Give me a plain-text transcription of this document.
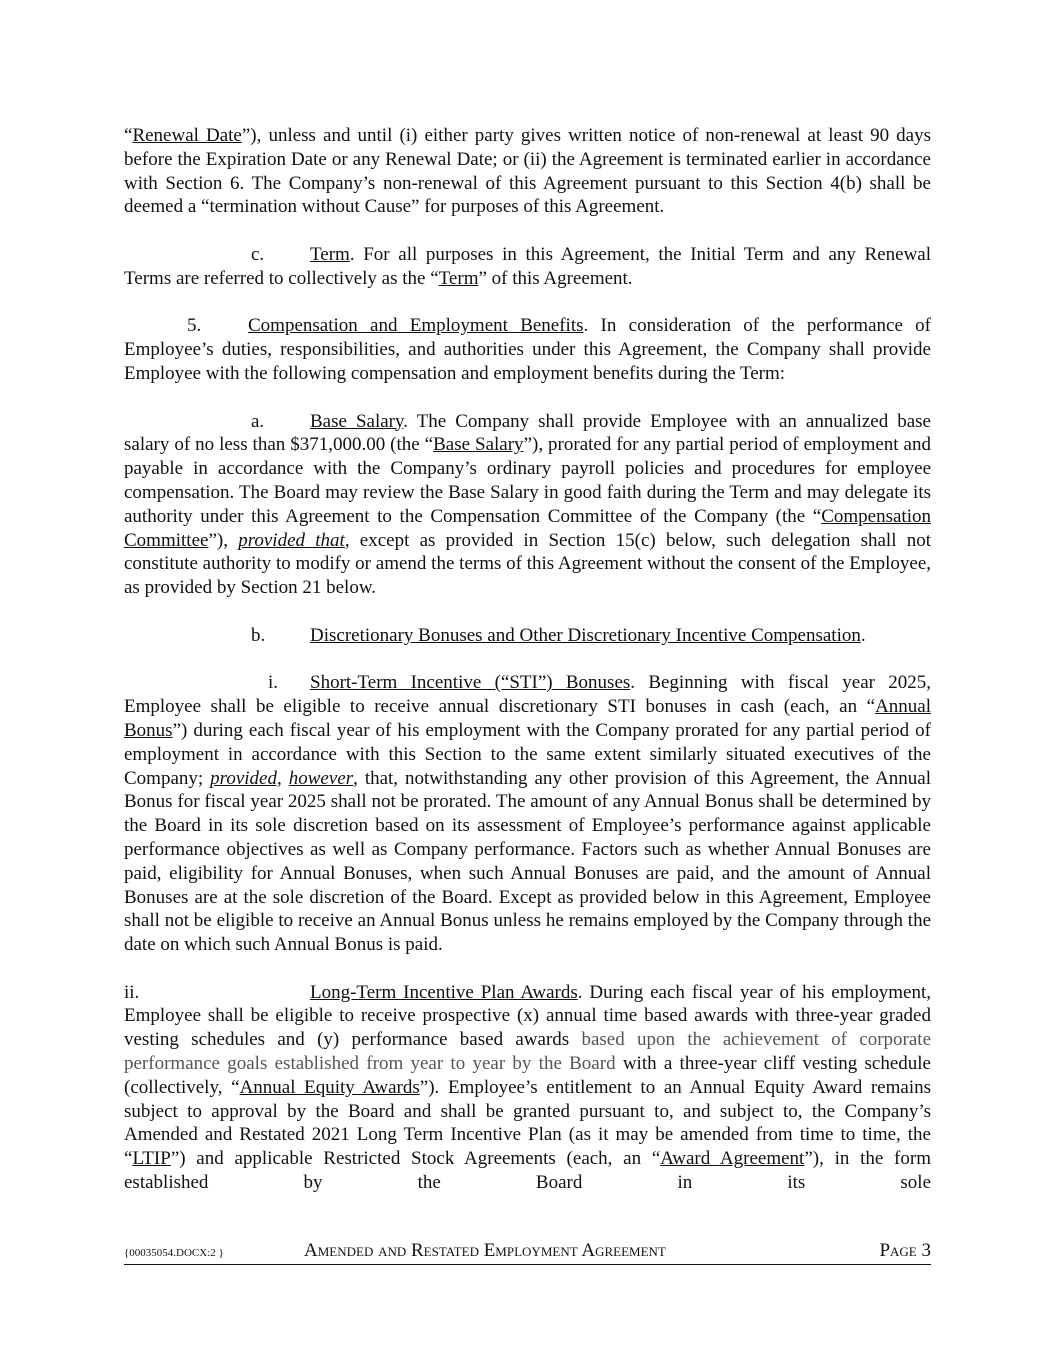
“Renewal Date”), unless and until (i) either party gives written notice of non-renewal at least 90 days before the Expiration Date or any Renewal Date; or (ii) the Agreement is terminated earlier in accordance with Section 6. The Company’s non-renewal of this Agreement pursuant to this Section 4(b) shall be deemed a “termination without Cause” for purposes of this Agreement.

c. Term. For all purposes in this Agreement, the Initial Term and any Renewal Terms are referred to collectively as the “Term” of this Agreement.

5. Compensation and Employment Benefits. In consideration of the performance of Employee’s duties, responsibilities, and authorities under this Agreement, the Company shall provide Employee with the following compensation and employment benefits during the Term:

a. Base Salary. The Company shall provide Employee with an annualized base salary of no less than $371,000.00 (the “Base Salary”), prorated for any partial period of employment and payable in accordance with the Company’s ordinary payroll policies and procedures for employee compensation. The Board may review the Base Salary in good faith during the Term and may delegate its authority under this Agreement to the Compensation Committee of the Company (the “Compensation Committee”), provided that, except as provided in Section 15(c) below, such delegation shall not constitute authority to modify or amend the terms of this Agreement without the consent of the Employee, as provided by Section 21 below.

b. Discretionary Bonuses and Other Discretionary Incentive Compensation.

i. Short-Term Incentive (“STI”) Bonuses. Beginning with fiscal year 2025, Employee shall be eligible to receive annual discretionary STI bonuses in cash (each, an “Annual Bonus”) during each fiscal year of his employment with the Company prorated for any partial period of employment in accordance with this Section to the same extent similarly situated executives of the Company; provided, however, that, notwithstanding any other provision of this Agreement, the Annual Bonus for fiscal year 2025 shall not be prorated. The amount of any Annual Bonus shall be determined by the Board in its sole discretion based on its assessment of Employee’s performance against applicable performance objectives as well as Company performance. Factors such as whether Annual Bonuses are paid, eligibility for Annual Bonuses, when such Annual Bonuses are paid, and the amount of Annual Bonuses are at the sole discretion of the Board. Except as provided below in this Agreement, Employee shall not be eligible to receive an Annual Bonus unless he remains employed by the Company through the date on which such Annual Bonus is paid.

ii.	Long-Term Incentive Plan Awards. During each fiscal year of his employment, Employee shall be eligible to receive prospective (x) annual time based awards with three-year graded vesting schedules and (y) performance based awards based upon the achievement of corporate performance goals established from year to year by the Board with a three-year cliff vesting schedule (collectively, “Annual Equity Awards”). Employee’s entitlement to an Annual Equity Award remains subject to approval by the Board and shall be granted pursuant to, and subject to, the Company’s Amended and Restated 2021 Long Term Incentive Plan (as it may be amended from time to time, the “LTIP”) and applicable Restricted Stock Agreements (each, an “Award Agreement”), in the form established by the Board in its sole

{00035054.DOCX:2 }	Amended and Restated Employment Agreement	Page 3
